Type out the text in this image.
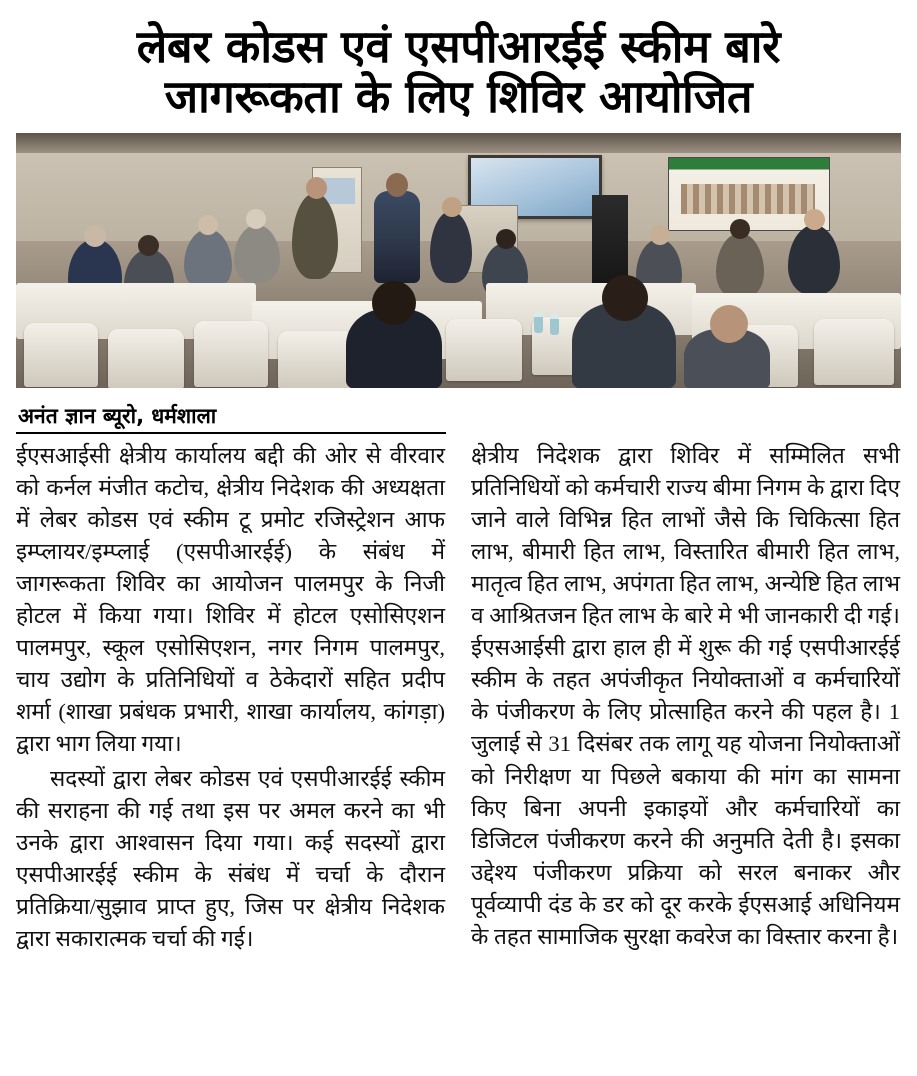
लेबर कोडस एवं एसपीआरईई स्कीम बारे
जागरूकता के लिए शिविर आयोजित
अनंत ज्ञान ब्यूरो, धर्मशाला

ईएसआईसी क्षेत्रीय कार्यालय बद्दी की ओर से वीरवार को कर्नल मंजीत कटोच, क्षेत्रीय निदेशक की अध्यक्षता में लेबर कोडस एवं स्कीम टू प्रमोट रजिस्ट्रेशन आफ इम्प्लायर/इम्प्लाई (एसपीआरईई) के संबंध में जागरूकता शिविर का आयोजन पालमपुर के निजी होटल में किया गया। शिविर में होटल एसोसिएशन पालमपुर, स्कूल एसोसिएशन, नगर निगम पालमपुर, चाय उद्योग के प्रतिनिधियों व ठेकेदारों सहित प्रदीप शर्मा (शाखा प्रबंधक प्रभारी, शाखा कार्यालय, कांगड़ा) द्वारा भाग लिया गया।

सदस्यों द्वारा लेबर कोडस एवं एसपीआरईई स्कीम की सराहना की गई तथा इस पर अमल करने का भी उनके द्वारा आश्वासन दिया गया। कई सदस्यों द्वारा एसपीआरईई स्कीम के संबंध में चर्चा के दौरान प्रतिक्रिया/सुझाव प्राप्त हुए, जिस पर क्षेत्रीय निदेशक द्वारा सकारात्मक चर्चा की गई।

क्षेत्रीय निदेशक द्वारा शिविर में सम्मिलित सभी प्रतिनिधियों को कर्मचारी राज्य बीमा निगम के द्वारा दिए जाने वाले विभिन्न हित लाभों जैसे कि चिकित्सा हित लाभ, बीमारी हित लाभ, विस्तारित बीमारी हित लाभ, मातृत्व हित लाभ, अपंगता हित लाभ, अन्येष्टि हित लाभ व आश्रितजन हित लाभ के बारे मे भी जानकारी दी गई। ईएसआईसी द्वारा हाल ही में शुरू की गई एसपीआरईई स्कीम के तहत अपंजीकृत नियोक्ताओं व कर्मचारियों के पंजीकरण के लिए प्रोत्साहित करने की पहल है। 1 जुलाई से 31 दिसंबर तक लागू यह योजना नियोक्ताओं को निरीक्षण या पिछले बकाया की मांग का सामना किए बिना अपनी इकाइयों और कर्मचारियों का डिजिटल पंजीकरण करने की अनुमति देती है। इसका उद्देश्य पंजीकरण प्रक्रिया को सरल बनाकर और पूर्वव्यापी दंड के डर को दूर करके ईएसआई अधिनियम के तहत सामाजिक सुरक्षा कवरेज का विस्तार करना है।
